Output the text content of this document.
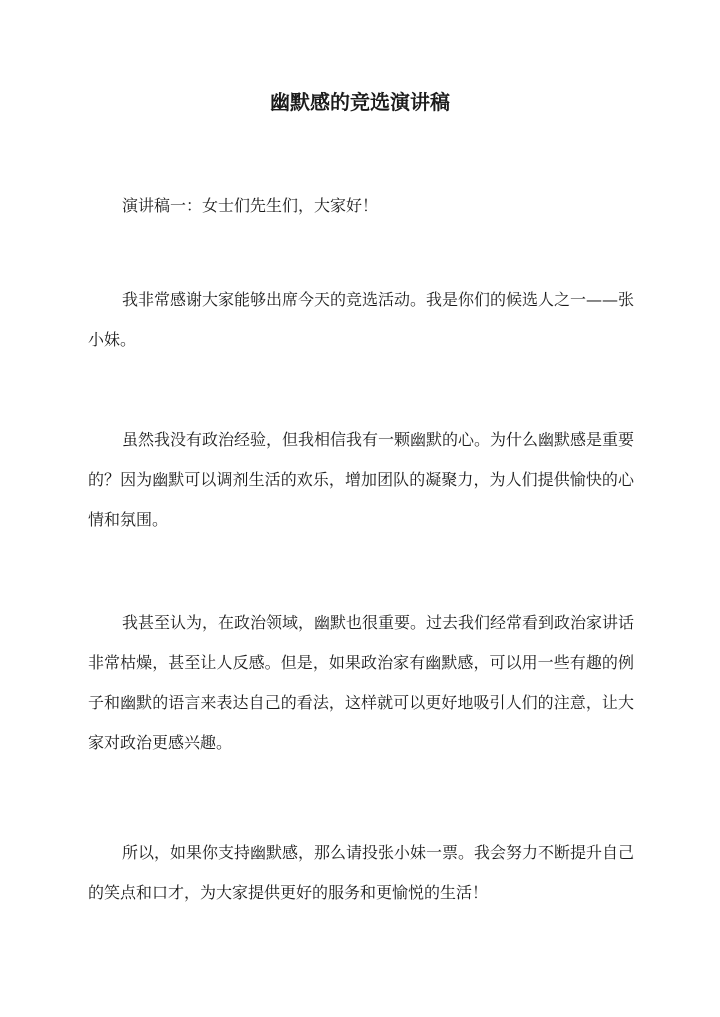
幽默感的竞选演讲稿

演讲稿一：女士们先生们，大家好！

我非常感谢大家能够出席今天的竞选活动。我是你们的候选人之一——张小妹。

虽然我没有政治经验，但我相信我有一颗幽默的心。为什么幽默感是重要的？因为幽默可以调剂生活的欢乐，增加团队的凝聚力，为人们提供愉快的心情和氛围。

我甚至认为，在政治领域，幽默也很重要。过去我们经常看到政治家讲话非常枯燥，甚至让人反感。但是，如果政治家有幽默感，可以用一些有趣的例子和幽默的语言来表达自己的看法，这样就可以更好地吸引人们的注意，让大家对政治更感兴趣。

所以，如果你支持幽默感，那么请投张小妹一票。我会努力不断提升自己的笑点和口才，为大家提供更好的服务和更愉悦的生活！
